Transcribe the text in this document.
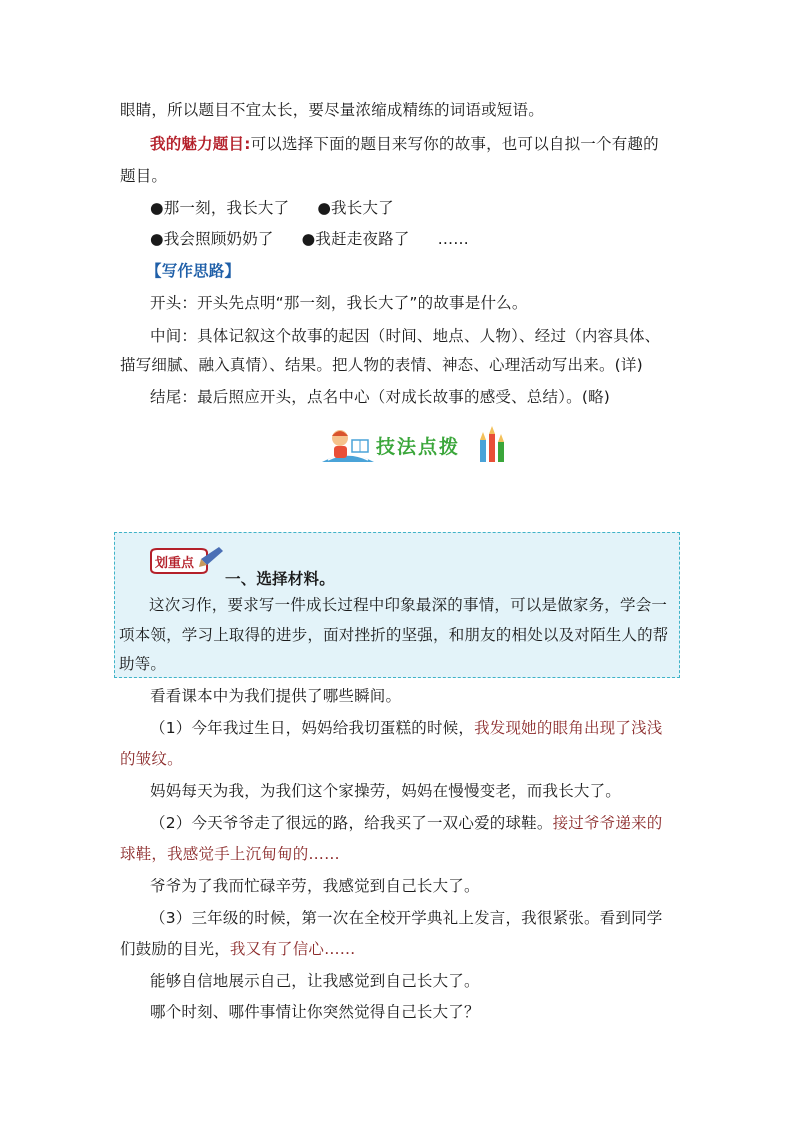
眼睛，所以题目不宜太长，要尽量浓缩成精练的词语或短语。
我的魅力题目:可以选择下面的题目来写你的故事，也可以自拟一个有趣的
题目。
●那一刻，我长大了 ●我长大了
●我会照顾奶奶了 ●我赶走夜路了 ……
【写作思路】
开头：开头先点明“那一刻，我长大了”的故事是什么。
中间：具体记叙这个故事的起因（时间、地点、人物）、经过（内容具体、
描写细腻、融入真情）、结果。把人物的表情、神态、心理活动写出来。(详)
结尾：最后照应开头，点名中心（对成长故事的感受、总结）。(略)
技法点拨
划重点
一、选择材料。
这次习作，要求写一件成长过程中印象最深的事情，可以是做家务，学会一
项本领，学习上取得的进步，面对挫折的坚强，和朋友的相处以及对陌生人的帮
助等。
看看课本中为我们提供了哪些瞬间。
（1）今年我过生日，妈妈给我切蛋糕的时候，我发现她的眼角出现了浅浅
的皱纹。
妈妈每天为我，为我们这个家操劳，妈妈在慢慢变老，而我长大了。
（2）今天爷爷走了很远的路，给我买了一双心爱的球鞋。接过爷爷递来的
球鞋，我感觉手上沉甸甸的……
爷爷为了我而忙碌辛劳，我感觉到自己长大了。
（3）三年级的时候，第一次在全校开学典礼上发言，我很紧张。看到同学
们鼓励的目光，我又有了信心……
能够自信地展示自己，让我感觉到自己长大了。
哪个时刻、哪件事情让你突然觉得自己长大了？
